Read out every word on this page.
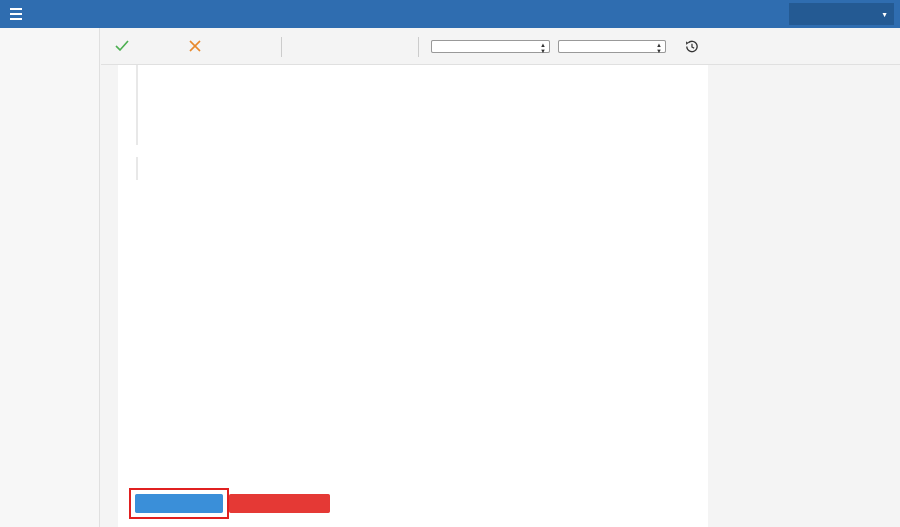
▼
▲
▼
▲
▼
